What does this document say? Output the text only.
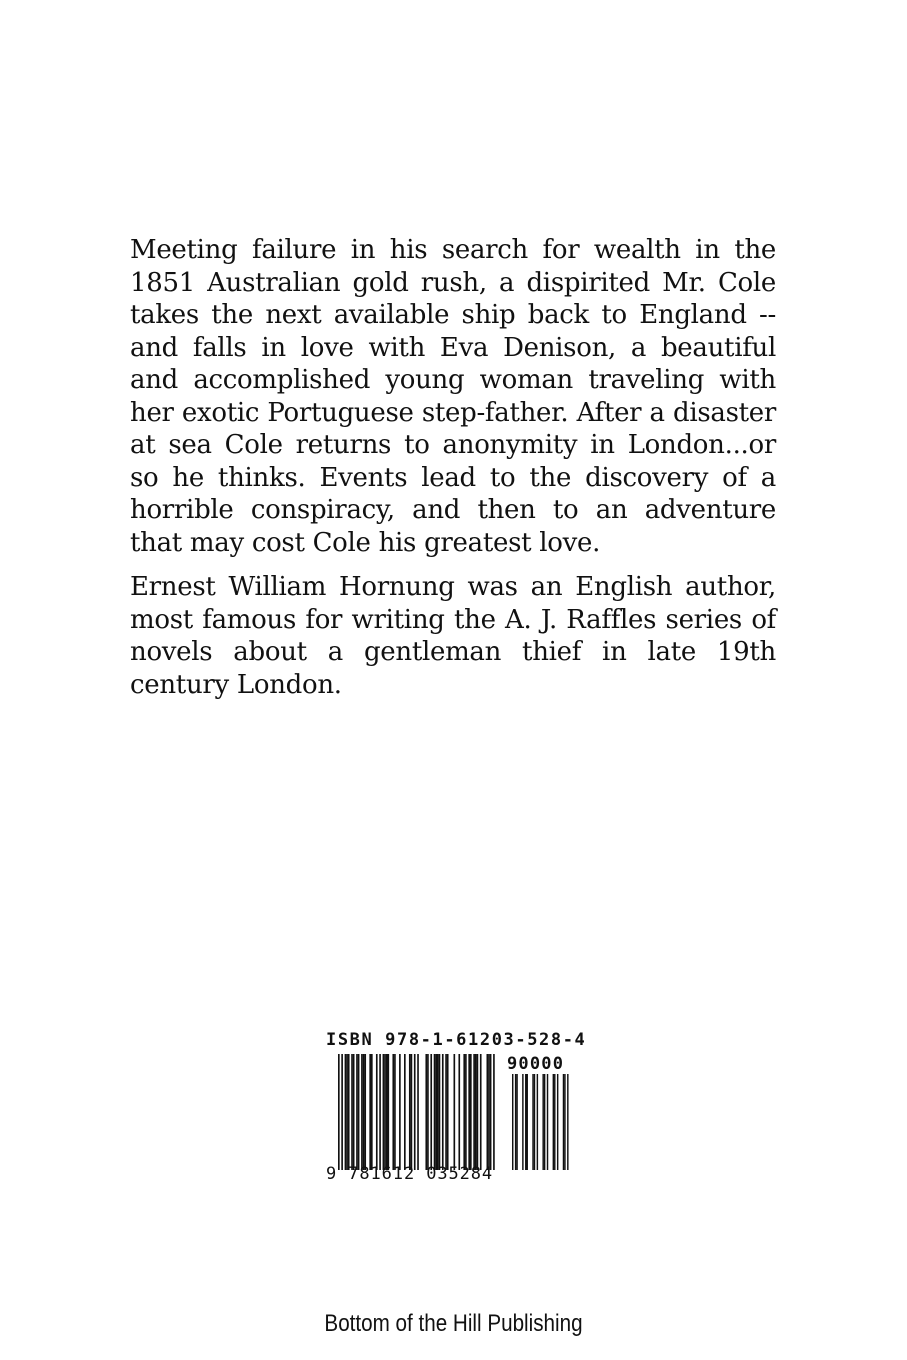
Meeting failure in his search for wealth in the 1851 Australian gold rush, a dispirited Mr. Cole takes the next available ship back to England -- and falls in love with Eva Denison, a beautiful and accomplished young woman traveling with her exotic Portuguese step-father. After a disaster at sea Cole returns to anonymity in London...or so he thinks. Events lead to the discovery of a horrible conspiracy, and then to an adventure that may cost Cole his greatest love.

Ernest William Hornung was an English author, most famous for writing the A. J. Raffles series of novels about a gentleman thief in late 19th century London.

ISBN 978-1-61203-528-4
90000
9 781612 035284
Bottom of the Hill Publishing
